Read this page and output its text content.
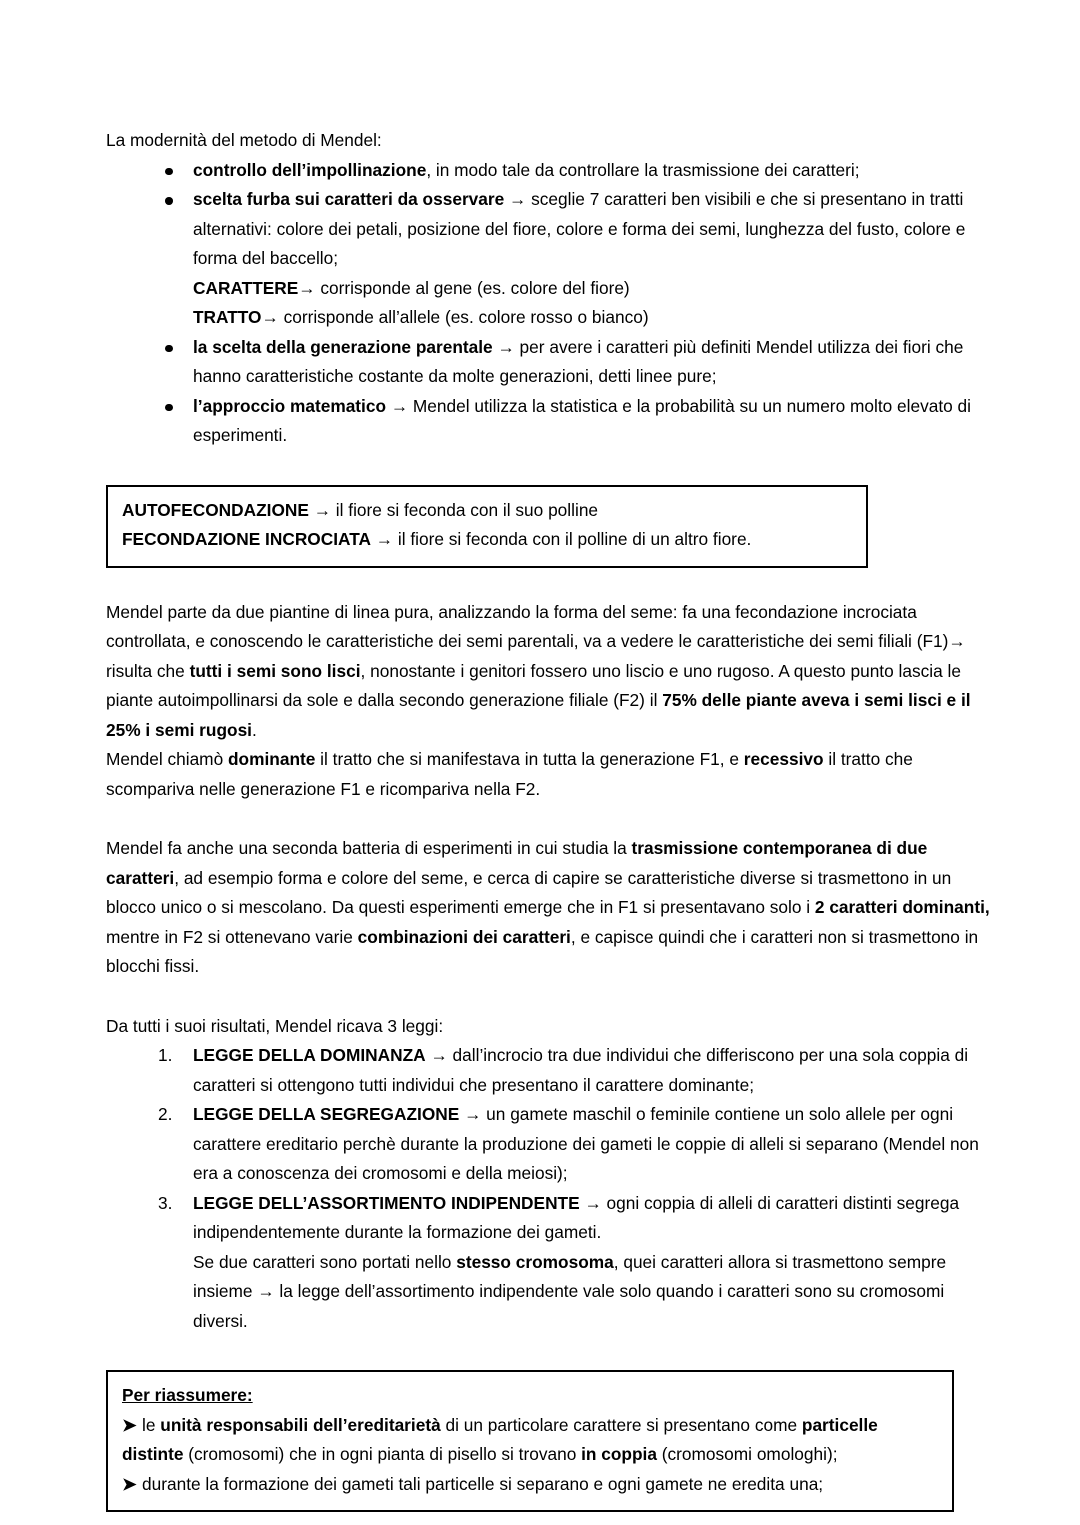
La modernità del metodo di Mendel:

controllo dell’impollinazione, in modo tale da controllare la trasmissione dei caratteri;
scelta furba sui caratteri da osservare → sceglie 7 caratteri ben visibili e che si presentano in tratti alternativi: colore dei petali, posizione del fiore, colore e forma dei semi, lunghezza del fusto, colore e forma del baccello;
CARATTERE→ corrisponde al gene (es. colore del fiore)
TRATTO→ corrisponde all’allele (es. colore rosso o bianco)
la scelta della generazione parentale → per avere i caratteri più definiti Mendel utilizza dei fiori che hanno caratteristiche costante da molte generazioni, detti linee pure;
l’approccio matematico → Mendel utilizza la statistica e la probabilità su un numero molto elevato di esperimenti.

AUTOFECONDAZIONE → il fiore si feconda con il suo polline

FECONDAZIONE INCROCIATA → il fiore si feconda con il polline di un altro fiore.

Mendel parte da due piantine di linea pura, analizzando la forma del seme: fa una fecondazione incrociata controllata, e conoscendo le caratteristiche dei semi parentali, va a vedere le caratteristiche dei semi filiali (F1)→ risulta che tutti i semi sono lisci, nonostante i genitori fossero uno liscio e uno rugoso. A questo punto lascia le piante autoimpollinarsi da sole e dalla secondo generazione filiale (F2) il 75% delle piante aveva i semi lisci e il 25% i semi rugosi.

Mendel chiamò dominante il tratto che si manifestava in tutta la generazione F1, e recessivo il tratto che scompariva nelle generazione F1 e ricompariva nella F2.

Mendel fa anche una seconda batteria di esperimenti in cui studia la trasmissione contemporanea di due caratteri, ad esempio forma e colore del seme, e cerca di capire se caratteristiche diverse si trasmettono in un blocco unico o si mescolano. Da questi esperimenti emerge che in F1 si presentavano solo i 2 caratteri dominanti, mentre in F2 si ottenevano varie combinazioni dei caratteri, e capisce quindi che i caratteri non si trasmettono in blocchi fissi.

Da tutti i suoi risultati, Mendel ricava 3 leggi:

LEGGE DELLA DOMINANZA → dall’incrocio tra due individui che differiscono per una sola coppia di caratteri si ottengono tutti individui che presentano il carattere dominante;
LEGGE DELLA SEGREGAZIONE → un gamete maschil o feminile contiene un solo allele per ogni carattere ereditario perchè durante la produzione dei gameti le coppie di alleli si separano (Mendel non era a conoscenza dei cromosomi e della meiosi);
LEGGE DELL’ASSORTIMENTO INDIPENDENTE → ogni coppia di alleli di caratteri distinti segrega indipendentemente durante la formazione dei gameti.
Se due caratteri sono portati nello stesso cromosoma, quei caratteri allora si trasmettono sempre insieme → la legge dell’assortimento indipendente vale solo quando i caratteri sono su cromosomi diversi.

Per riassumere:

➤ le unità responsabili dell’ereditarietà di un particolare carattere si presentano come particelle distinte (cromosomi) che in ogni pianta di pisello si trovano in coppia (cromosomi omologhi);

➤ durante la formazione dei gameti tali particelle si separano e ogni gamete ne eredita una;
